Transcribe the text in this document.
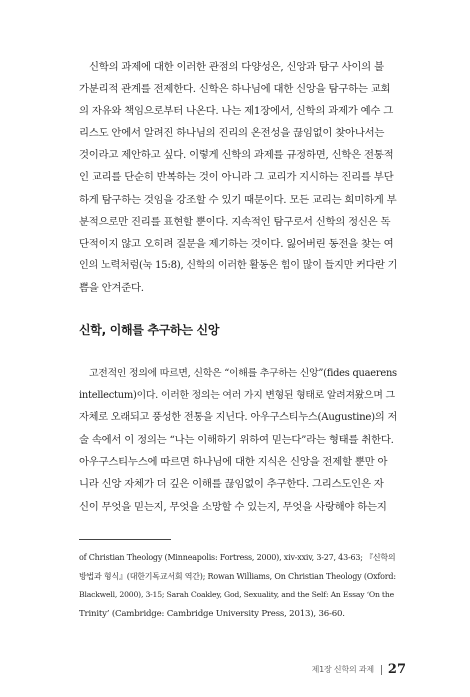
신학의 과제에 대한 이러한 관점의 다양성은, 신앙과 탐구 사이의 불
가분리적 관계를 전제한다. 신학은 하나님에 대한 신앙을 탐구하는 교회
의 자유와 책임으로부터 나온다. 나는 제1장에서, 신학의 과제가 예수 그
리스도 안에서 알려진 하나님의 진리의 온전성을 끊임없이 찾아나서는
것이라고 제안하고 싶다. 이렇게 신학의 과제를 규정하면, 신학은 전통적
인 교리를 단순히 반복하는 것이 아니라 그 교리가 지시하는 진리를 부단
하게 탐구하는 것임을 강조할 수 있기 때문이다. 모든 교리는 희미하게 부
분적으로만 진리를 표현할 뿐이다. 지속적인 탐구로서 신학의 정신은 독
단적이지 않고 오히려 질문을 제기하는 것이다. 잃어버린 동전을 찾는 여
인의 노력처럼(눅 15:8), 신학의 이러한 활동은 힘이 많이 들지만 커다란 기
쁨을 안겨준다.
신학, 이해를 추구하는 신앙
고전적인 정의에 따르면, 신학은 “이해를 추구하는 신앙”(fides quaerens
intellectum)이다. 이러한 정의는 여러 가지 변형된 형태로 알려져왔으며 그
자체로 오래되고 풍성한 전통을 지닌다. 아우구스티누스(Augustine)의 저
술 속에서 이 정의는 “나는 이해하기 위하여 믿는다”라는 형태를 취한다.
아우구스티누스에 따르면 하나님에 대한 지식은 신앙을 전제할 뿐만 아
니라 신앙 자체가 더 깊은 이해를 끊임없이 추구한다. 그리스도인은 자
신이 무엇을 믿는지, 무엇을 소망할 수 있는지, 무엇을 사랑해야 하는지
of Christian Theology (Minneapolis: Fortress, 2000), xiv-xxiv, 3-27, 43-63; 『신학의
방법과 형식』(대한기독교서회 역간); Rowan Williams, On Christian Theology (Oxford:
Blackwell, 2000), 3-15; Sarah Coakley, God, Sexuality, and the Self: An Essay ‘On the
Trinity’ (Cambridge: Cambridge University Press, 2013), 36-60.
제1장 신학의 과제 27
